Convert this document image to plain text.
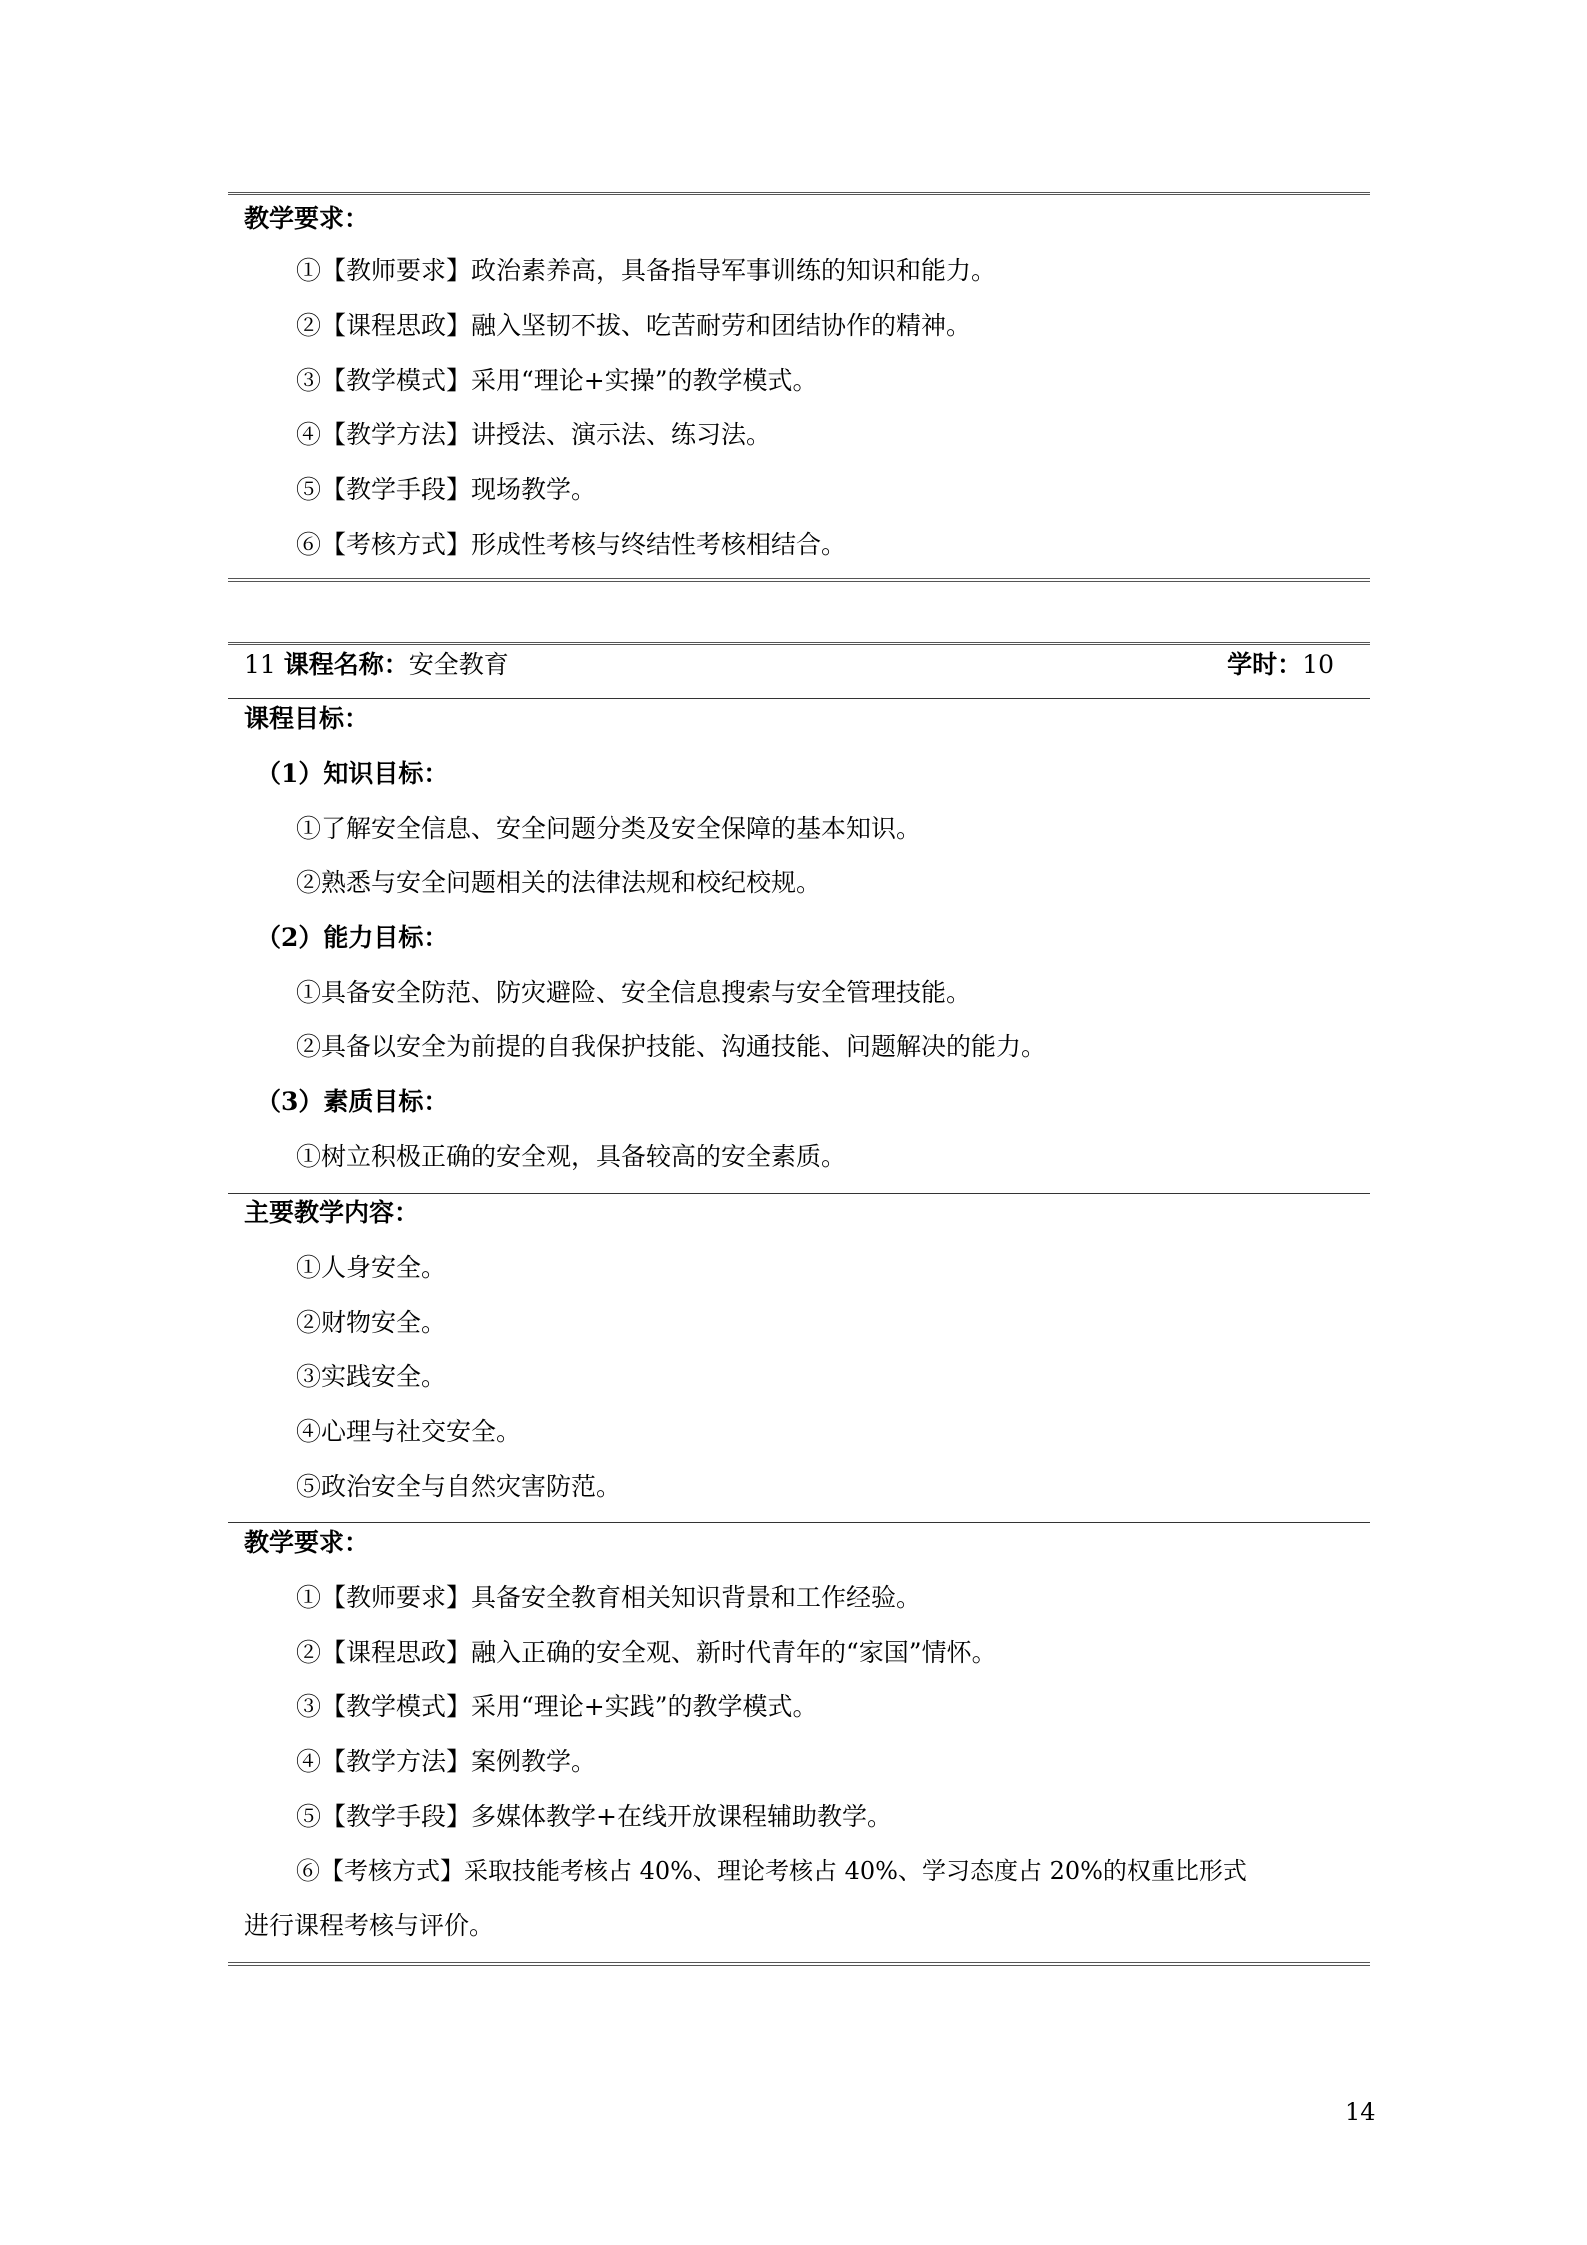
教学要求：
①【教师要求】政治素养高，具备指导军事训练的知识和能力。
②【课程思政】融入坚韧不拔、吃苦耐劳和团结协作的精神。
③【教学模式】采用“理论+实操”的教学模式。
④【教学方法】讲授法、演示法、练习法。
⑤【教学手段】现场教学。
⑥【考核方式】形成性考核与终结性考核相结合。
11 课程名称：安全教育	学时：10
课程目标：
（1）知识目标：
①了解安全信息、安全问题分类及安全保障的基本知识。
②熟悉与安全问题相关的法律法规和校纪校规。
（2）能力目标：
①具备安全防范、防灾避险、安全信息搜索与安全管理技能。
②具备以安全为前提的自我保护技能、沟通技能、问题解决的能力。
（3）素质目标：
①树立积极正确的安全观，具备较高的安全素质。
主要教学内容：
①人身安全。
②财物安全。
③实践安全。
④心理与社交安全。
⑤政治安全与自然灾害防范。
教学要求：
①【教师要求】具备安全教育相关知识背景和工作经验。
②【课程思政】融入正确的安全观、新时代青年的“家国”情怀。
③【教学模式】采用“理论+实践”的教学模式。
④【教学方法】案例教学。
⑤【教学手段】多媒体教学+在线开放课程辅助教学。
⑥【考核方式】采取技能考核占 40%、理论考核占 40%、学习态度占 20%的权重比形式
进行课程考核与评价。
14
